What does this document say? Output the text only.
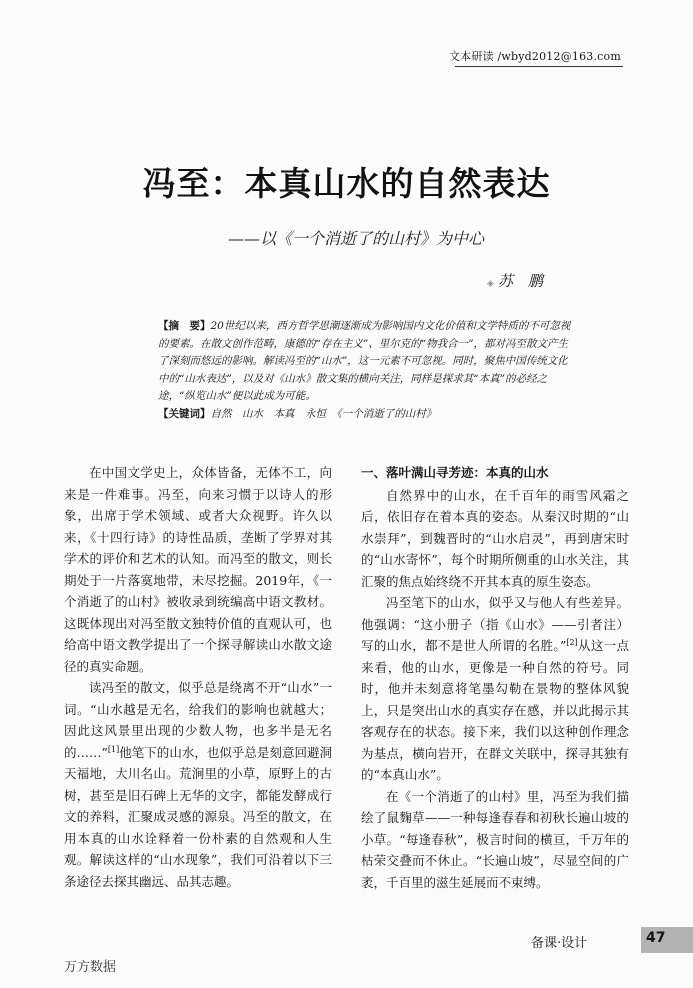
文本研读 /wbyd2012@163.com
冯至：本真山水的自然表达
——以《一个消逝了的山村》为中心
◈ 苏　鹏

【摘　要】20世纪以来，西方哲学思潮逐渐成为影响国内文化价值和文学特质的不可忽视的要素。在散文创作范畴，康德的“存在主义”、里尔克的“物我合一”，都对冯至散文产生了深刻而悠远的影响。解读冯至的“山水”，这一元素不可忽视。同时，聚焦中国传统文化中的“山水表达”，以及对《山水》散文集的横向关注，同样是探求其“本真”的必经之途，“纵览山水”便以此成为可能。

【关键词】自然　山水　本真　永恒　《一个消逝了的山村》

在中国文学史上，众体皆备，无体不工，向来是一件难事。冯至，向来习惯于以诗人的形象，出席于学术领域、或者大众视野。许久以来，《十四行诗》的诗性品质，垄断了学界对其学术的评价和艺术的认知。而冯至的散文，则长期处于一片落寞地带，未尽挖掘。2019年，《一个消逝了的山村》被收录到统编高中语文教材。这既体现出对冯至散文独特价值的直观认可，也给高中语文教学提出了一个探寻解读山水散文途径的真实命题。

读冯至的散文，似乎总是绕离不开“山水”一词。“山水越是无名，给我们的影响也就越大；因此这风景里出现的少数人物，也多半是无名的……”[1]他笔下的山水，也似乎总是刻意回避洞天福地，大川名山。荒涧里的小草，原野上的古树，甚至是旧石碑上无华的文字，都能发酵成行文的养料，汇聚成灵感的源泉。冯至的散文，在用本真的山水诠释着一份朴素的自然观和人生观。解读这样的“山水现象”，我们可沿着以下三条途径去探其幽远、品其志趣。

一、落叶满山寻芳迹：本真的山水

自然界中的山水，在千百年的雨雪风霜之后，依旧存在着本真的姿态。从秦汉时期的“山水崇拜”，到魏晋时的“山水启灵”，再到唐宋时的“山水寄怀”，每个时期所侧重的山水关注，其汇聚的焦点始终绕不开其本真的原生姿态。

冯至笔下的山水，似乎又与他人有些差异。他强调：“这小册子（指《山水》——引者注）写的山水，都不是世人所谓的名胜。”[2]从这一点来看，他的山水，更像是一种自然的符号。同时，他并未刻意将笔墨勾勒在景物的整体风貌上，只是突出山水的真实存在感，并以此揭示其客观存在的状态。接下来，我们以这种创作理念为基点，横向岩开，在群文关联中，探寻其独有的“本真山水”。

在《一个消逝了的山村》里，冯至为我们描绘了鼠麴草——一种每逢春春和初秋长遍山坡的小草。“每逢春秋”，极言时间的横亘，千万年的枯荣交叠而不休止。“长遍山坡”，尽显空间的广袤，千百里的滋生延展而不束缚。

备课·设计	47
万方数据
